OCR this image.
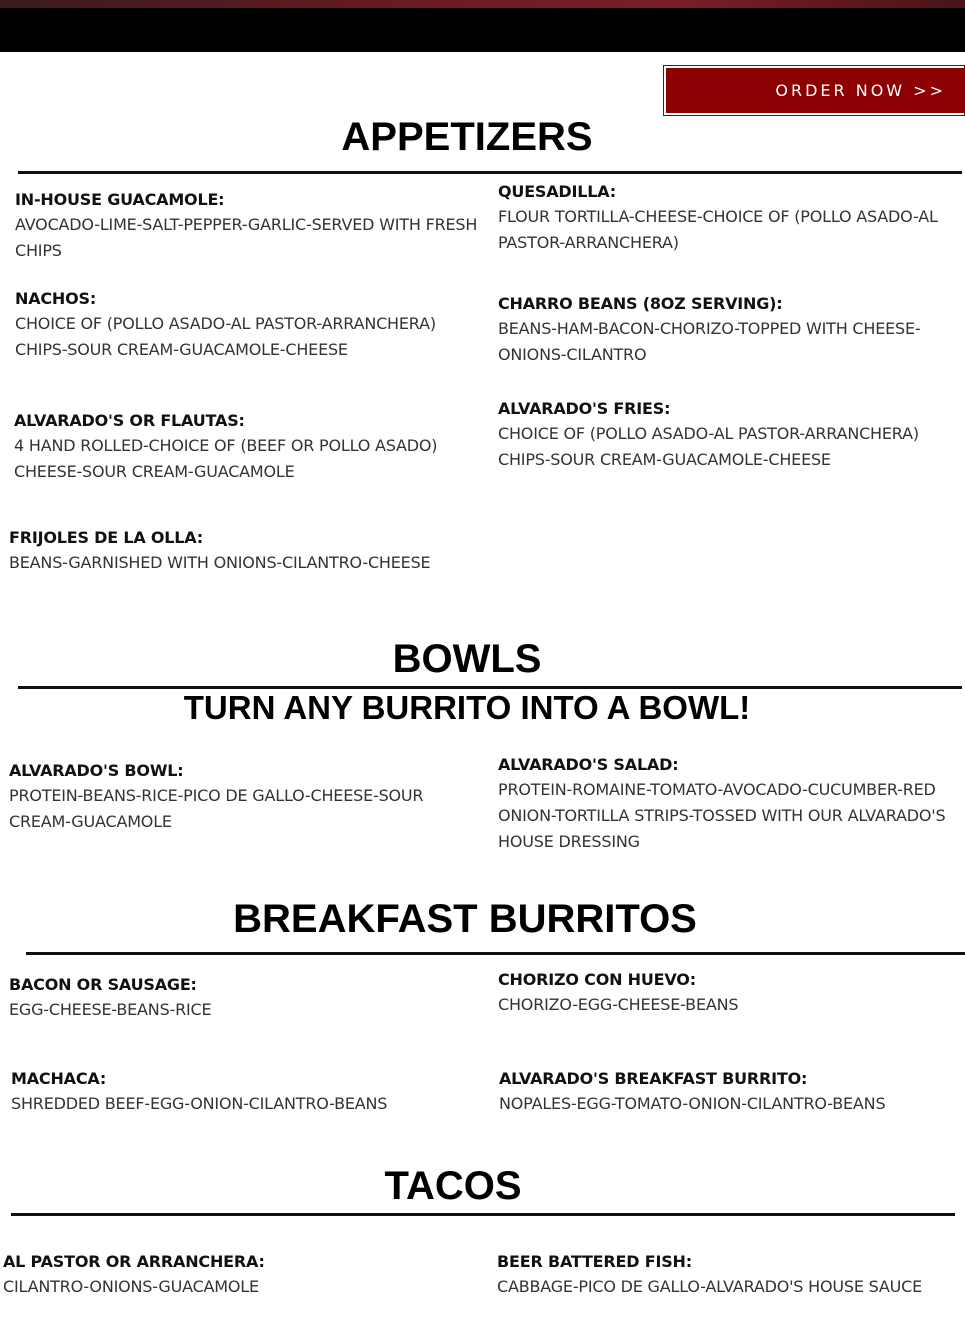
ORDER NOW >>
APPETIZERS
IN-HOUSE GUACAMOLE:
AVOCADO-LIME-SALT-PEPPER-GARLIC-SERVED WITH FRESH CHIPS
QUESADILLA:
FLOUR TORTILLA-CHEESE-CHOICE OF (POLLO ASADO-AL PASTOR-ARRANCHERA)
NACHOS:
CHOICE OF (POLLO ASADO-AL PASTOR-ARRANCHERA) CHIPS-SOUR CREAM-GUACAMOLE-CHEESE
CHARRO BEANS (8OZ SERVING):
BEANS-HAM-BACON-CHORIZO-TOPPED WITH CHEESE-ONIONS-CILANTRO
ALVARADO'S OR FLAUTAS:
4 HAND ROLLED-CHOICE OF (BEEF OR POLLO ASADO) CHEESE-SOUR CREAM-GUACAMOLE
ALVARADO'S FRIES:
CHOICE OF (POLLO ASADO-AL PASTOR-ARRANCHERA) CHIPS-SOUR CREAM-GUACAMOLE-CHEESE
FRIJOLES DE LA OLLA:
BEANS-GARNISHED WITH ONIONS-CILANTRO-CHEESE
BOWLS
TURN ANY BURRITO INTO A BOWL!
ALVARADO'S BOWL:
PROTEIN-BEANS-RICE-PICO DE GALLO-CHEESE-SOUR CREAM-GUACAMOLE
ALVARADO'S SALAD:
PROTEIN-ROMAINE-TOMATO-AVOCADO-CUCUMBER-RED ONION-TORTILLA STRIPS-TOSSED WITH OUR ALVARADO'S HOUSE DRESSING
BREAKFAST BURRITOS
BACON OR SAUSAGE:
EGG-CHEESE-BEANS-RICE
CHORIZO CON HUEVO:
CHORIZO-EGG-CHEESE-BEANS
MACHACA:
SHREDDED BEEF-EGG-ONION-CILANTRO-BEANS
ALVARADO'S BREAKFAST BURRITO:
NOPALES-EGG-TOMATO-ONION-CILANTRO-BEANS
TACOS
AL PASTOR OR ARRANCHERA:
CILANTRO-ONIONS-GUACAMOLE
BEER BATTERED FISH:
CABBAGE-PICO DE GALLO-ALVARADO'S HOUSE SAUCE
